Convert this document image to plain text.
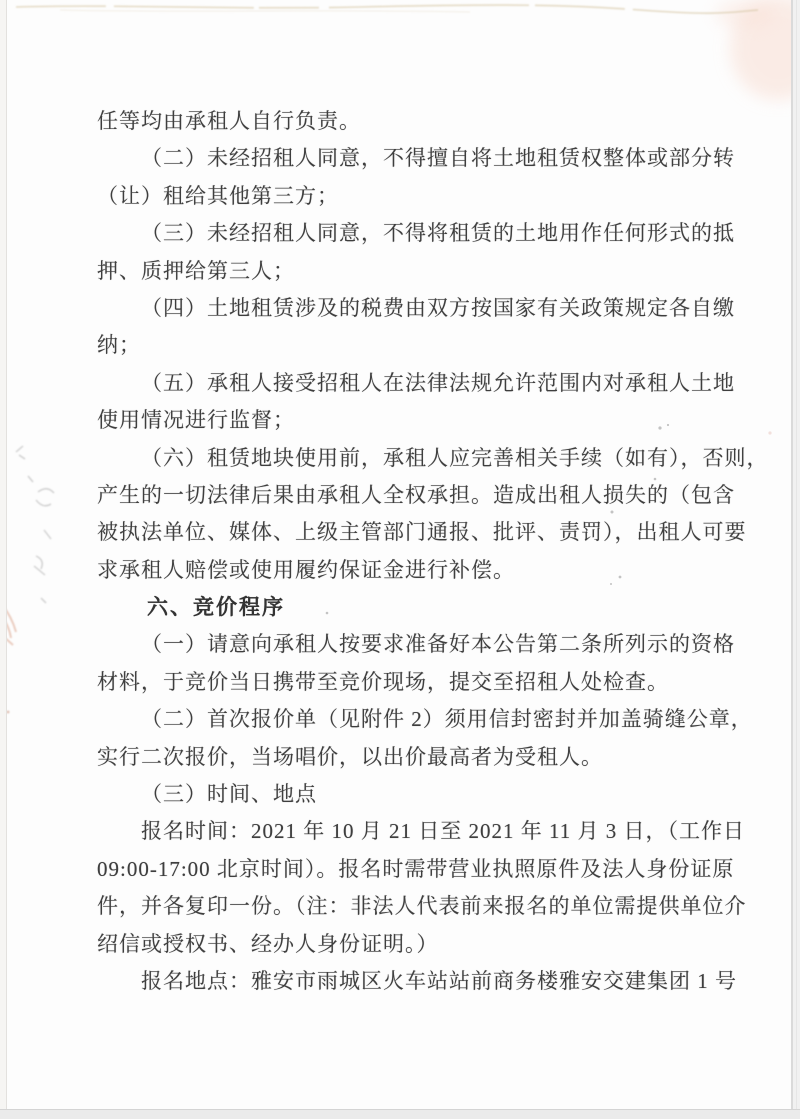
任等均由承租人自行负责。
（二）未经招租人同意，不得擅自将土地租赁权整体或部分转
（让）租给其他第三方；
（三）未经招租人同意，不得将租赁的土地用作任何形式的抵
押、质押给第三人；
（四）土地租赁涉及的税费由双方按国家有关政策规定各自缴
纳；
（五）承租人接受招租人在法律法规允许范围内对承租人土地
使用情况进行监督；
（六）租赁地块使用前，承租人应完善相关手续（如有），否则，
产生的一切法律后果由承租人全权承担。造成出租人损失的（包含
被执法单位、媒体、上级主管部门通报、批评、责罚），出租人可要
求承租人赔偿或使用履约保证金进行补偿。
六、竞价程序
（一）请意向承租人按要求准备好本公告第二条所列示的资格
材料，于竞价当日携带至竞价现场，提交至招租人处检查。
（二）首次报价单（见附件 2）须用信封密封并加盖骑缝公章，
实行二次报价，当场唱价，以出价最高者为受租人。
（三）时间、地点
报名时间：2021 年 10 月 21 日至 2021 年 11 月 3 日，（工作日
09:00-17:00 北京时间）。报名时需带营业执照原件及法人身份证原
件，并各复印一份。（注：非法人代表前来报名的单位需提供单位介
绍信或授权书、经办人身份证明。）
报名地点：雅安市雨城区火车站站前商务楼雅安交建集团 1 号
